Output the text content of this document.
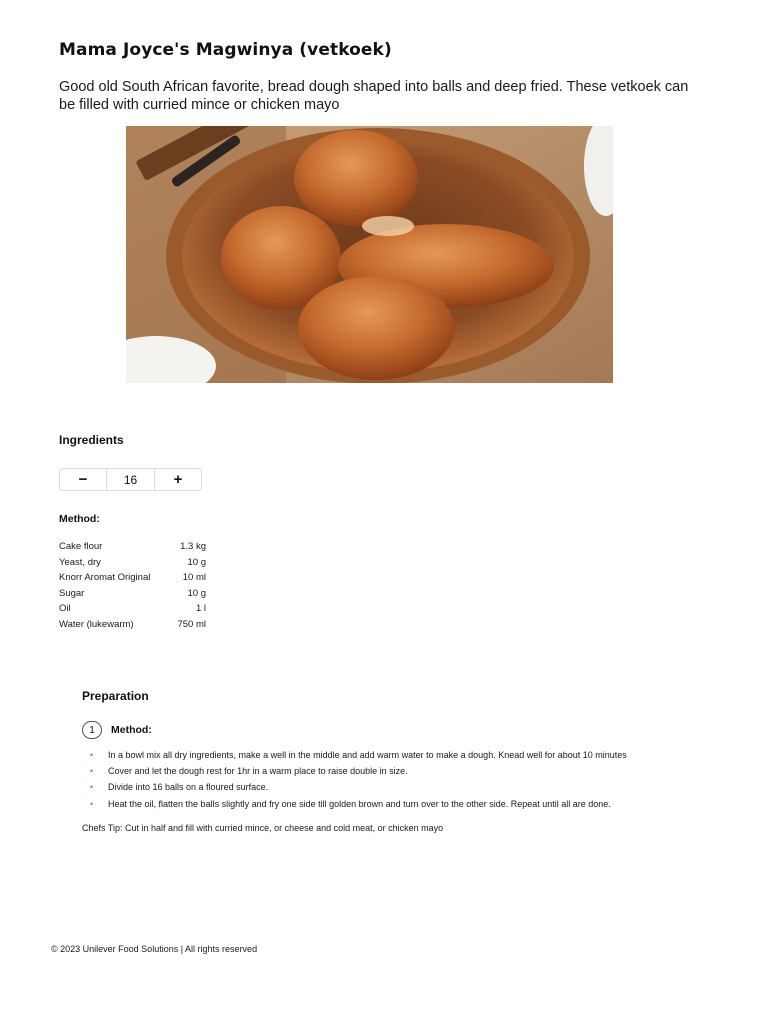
Mama Joyce's Magwinya (vetkoek)
Good old South African favorite, bread dough shaped into balls and deep fried. These vetkoek can be filled with curried mince or chicken mayo
Ingredients
−	16	+
Method:
Cake flour	1.3 kg
Yeast, dry	10 g
Knorr Aromat Original	10 ml
Sugar	10 g
Oil	1 l
Water (lukewarm)	750 ml
Preparation
1	Method:
• In a bowl mix all dry ingredients, make a well in the middle and add warm water to make a dough. Knead well for about 10 minutes
• Cover and let the dough rest for 1hr in a warm place to raise double in size.
• Divide into 16 balls on a floured surface.
• Heat the oil, flatten the balls slightly and fry one side till golden brown and turn over to the other side. Repeat until all are done.
Chefs Tip: Cut in half and fill with curried mince, or cheese and cold meat, or chicken mayo
© 2023 Unilever Food Solutions | All rights reserved
